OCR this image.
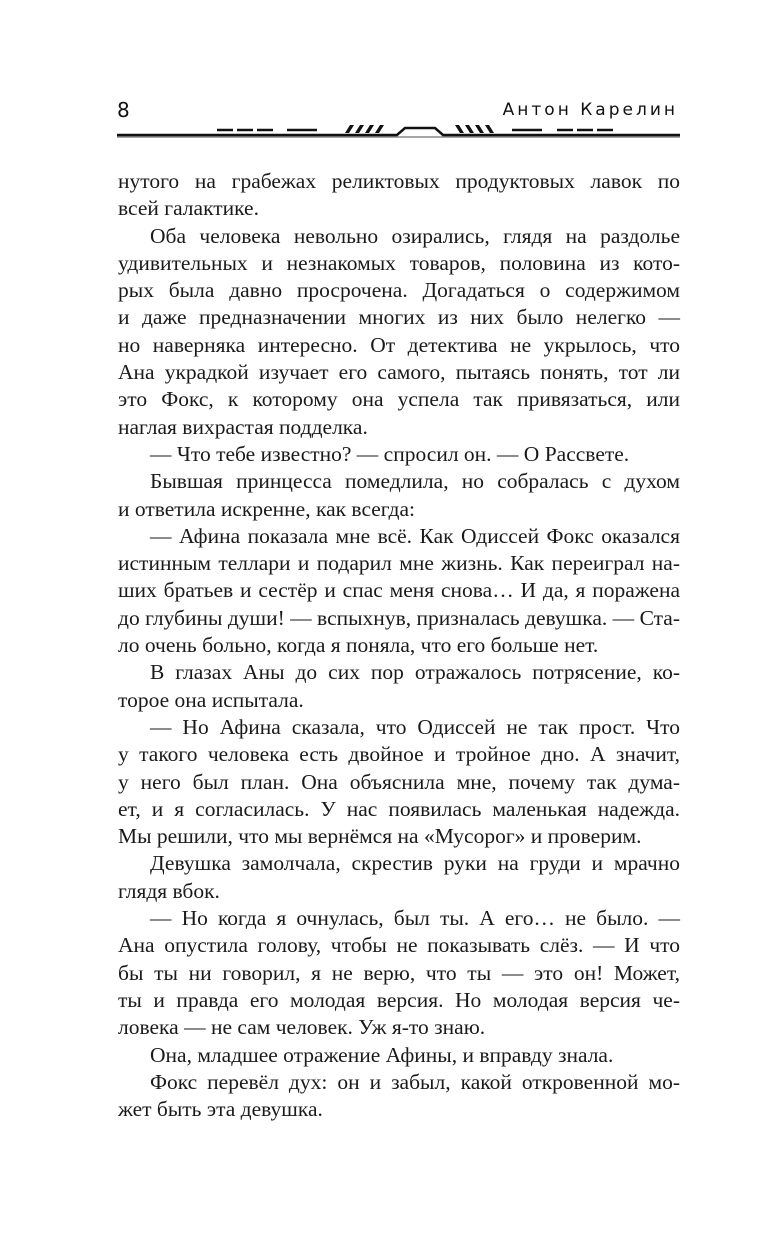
8	Антон Карелин

нутого на грабежах реликтовых продуктовых лавок по

всей галактике.

Оба человека невольно озирались, глядя на раздолье

удивительных и незнакомых товаров, половина из кото-

рых была давно просрочена. Догадаться о содержимом

и даже предназначении многих из них было нелегко —

но наверняка интересно. От детектива не укрылось, что

Ана украдкой изучает его самого, пытаясь понять, тот ли

это Фокс, к которому она успела так привязаться, или

наглая вихрастая подделка.

— Что тебе известно? — спросил он. — О Рассвете.

Бывшая принцесса помедлила, но собралась с духом

и ответила искренне, как всегда:

— Афина показала мне всё. Как Одиссей Фокс оказался

истинным теллари и подарил мне жизнь. Как переиграл на-

ших братьев и сестёр и спас меня снова… И да, я поражена

до глубины души! — вспыхнув, призналась девушка. — Ста-

ло очень больно, когда я поняла, что его больше нет.

В глазах Аны до сих пор отражалось потрясение, ко-

торое она испытала.

— Но Афина сказала, что Одиссей не так прост. Что

у такого человека есть двойное и тройное дно. А значит,

у него был план. Она объяснила мне, почему так дума-

ет, и я согласилась. У нас появилась маленькая надежда.

Мы решили, что мы вернёмся на «Мусорог» и проверим.

Девушка замолчала, скрестив руки на груди и мрачно

глядя вбок.

— Но когда я очнулась, был ты. А его… не было. —

Ана опустила голову, чтобы не показывать слёз. — И что

бы ты ни говорил, я не верю, что ты — это он! Может,

ты и правда его молодая версия. Но молодая версия че-

ловека — не сам человек. Уж я-то знаю.

Она, младшее отражение Афины, и вправду знала.

Фокс перевёл дух: он и забыл, какой откровенной мо-

жет быть эта девушка.
